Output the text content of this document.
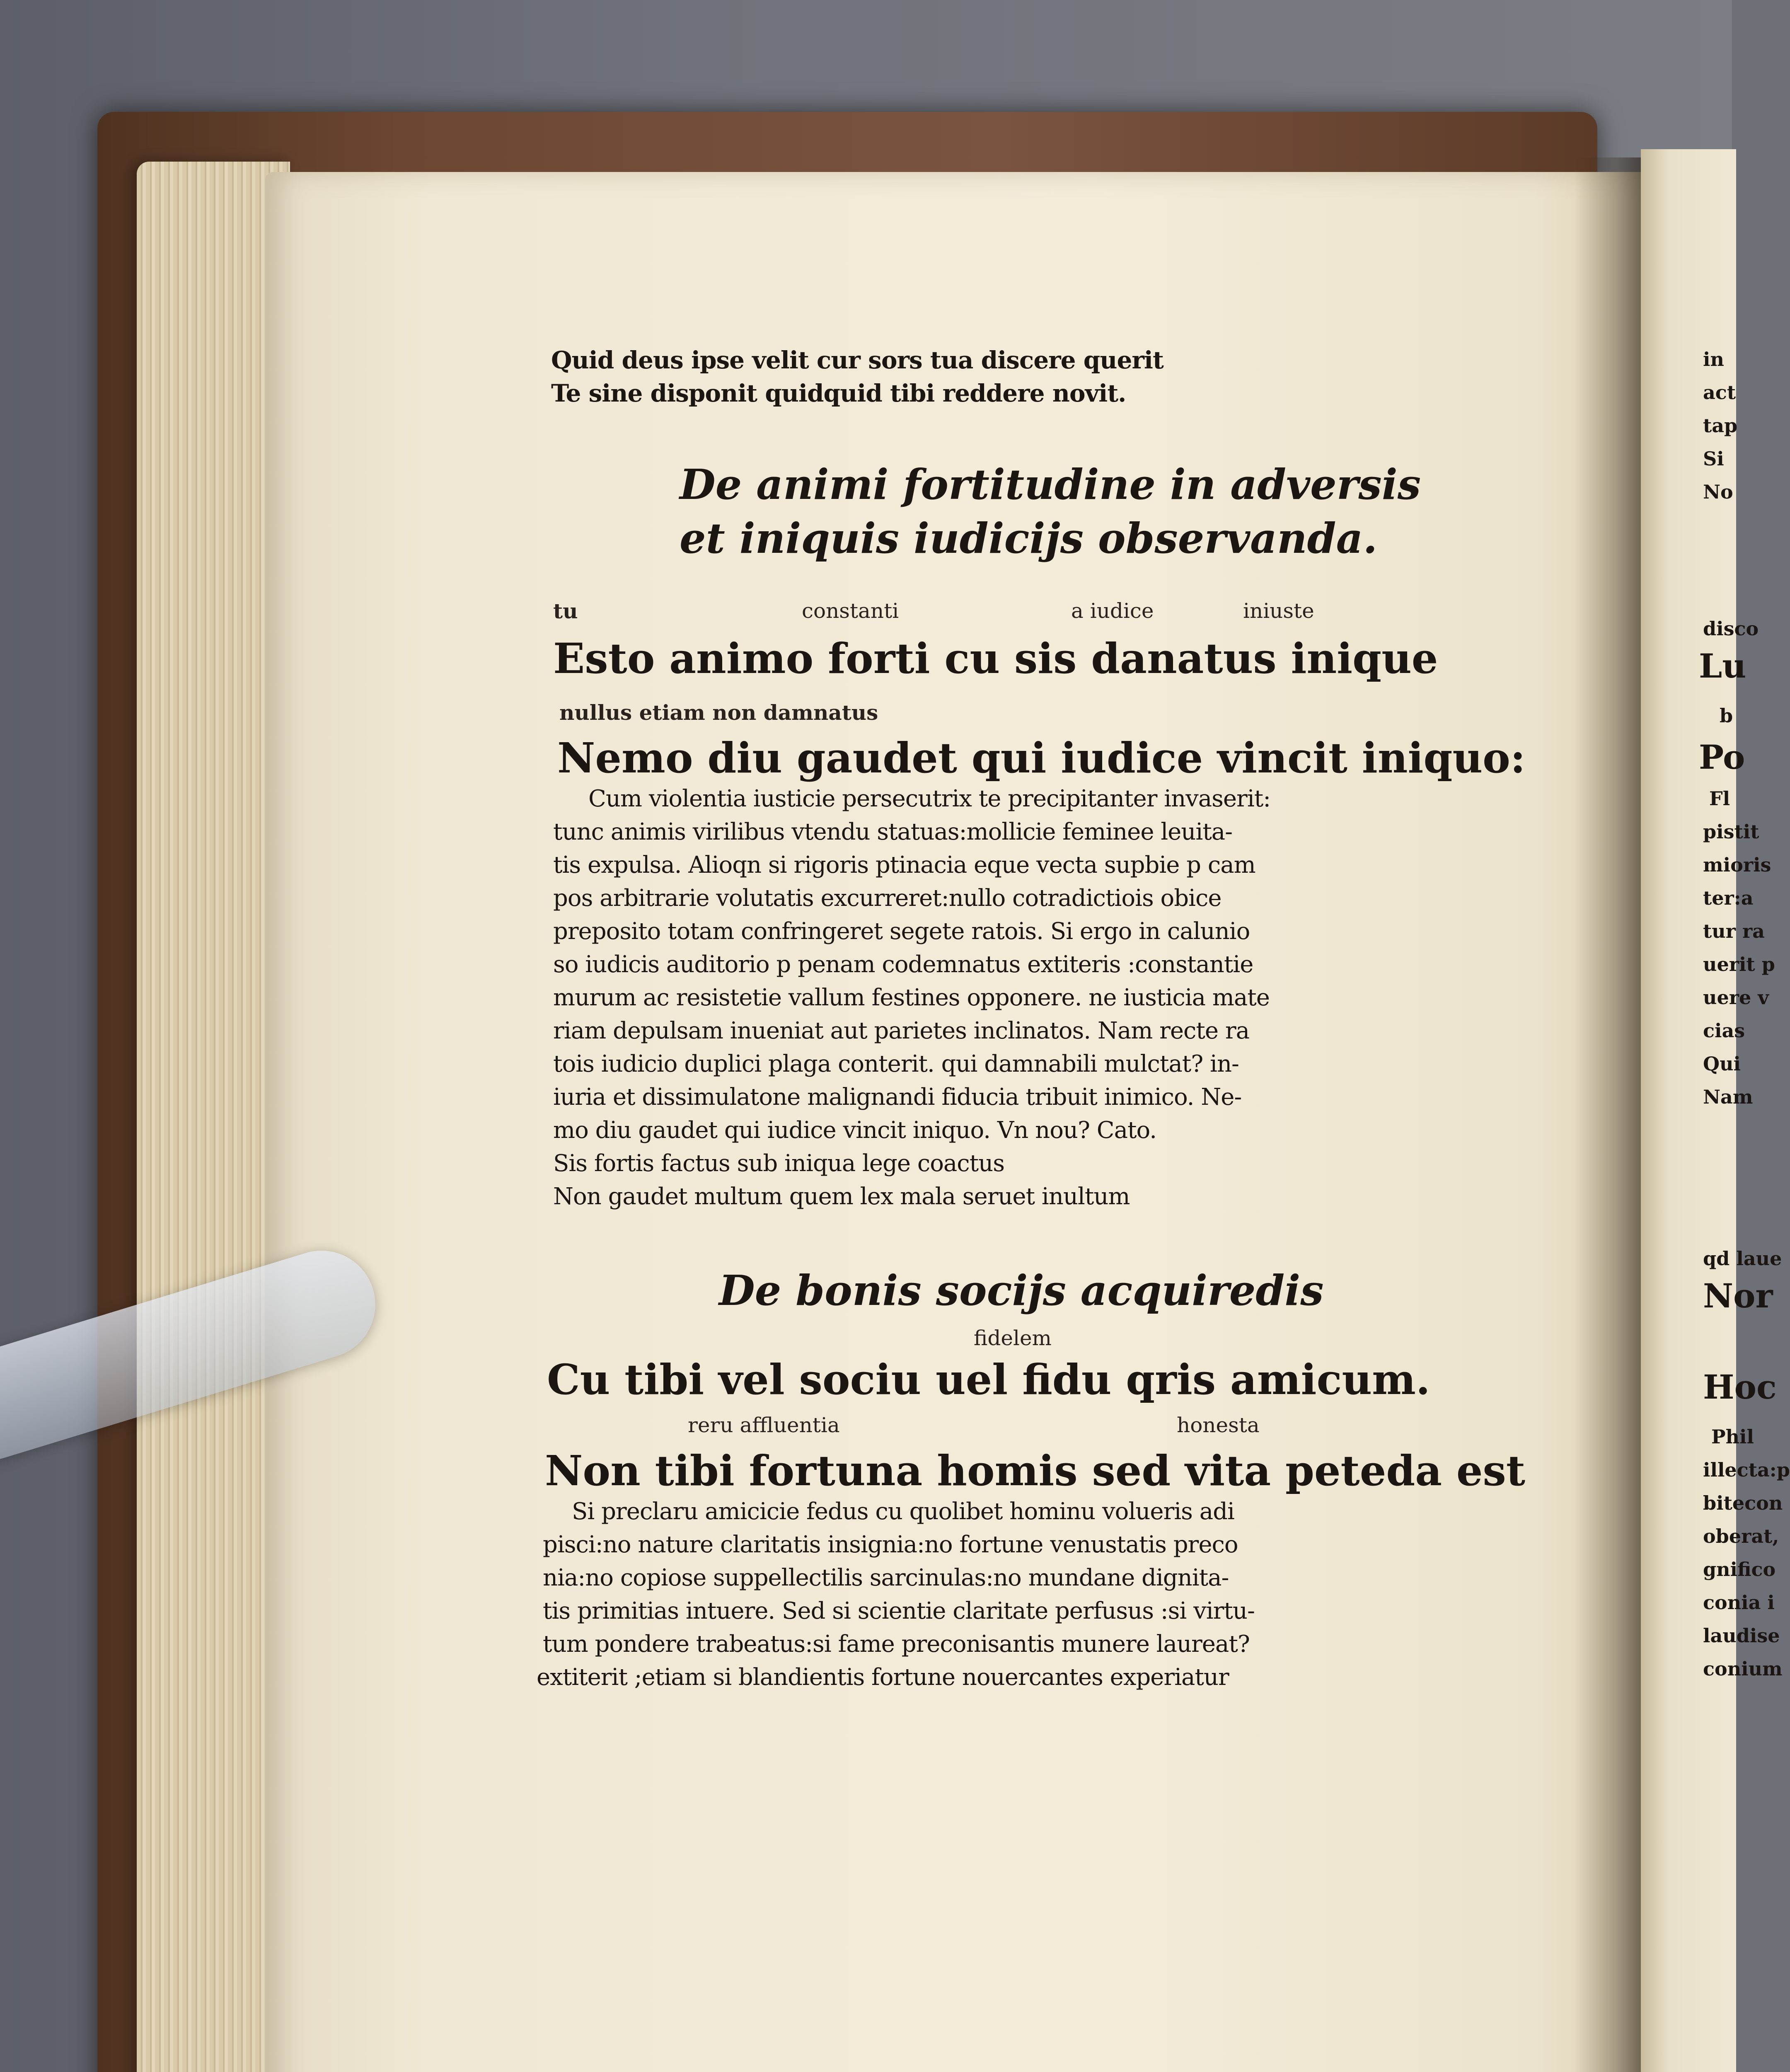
Quid deus ipse velit cur sors tua discere querit
Te sine disponit quidquid tibi reddere novit.
De animi fortitudine in adversis
et iniquis iudicijs observanda.
tu	constanti	a iudice	iniuste
Esto animo forti cu sis danatus inique
nullus etiam non damnatus
Nemo diu gaudet qui iudice vincit iniquo:
Cum violentia iusticie persecutrix te precipitanter invaserit:
tunc animis virilibus vtendu statuas:mollicie feminee leuita-
tis expulsa. Alioqn si rigoris ptinacia eque vecta supbie p cam
pos arbitrarie volutatis excurreret:nullo cotradictiois obice
preposito totam confringeret segete ratois. Si ergo in calunio
so iudicis auditorio p penam codemnatus extiteris :constantie
murum ac resistetie vallum festines opponere. ne iusticia mate
riam depulsam inueniat aut parietes inclinatos. Nam recte ra
tois iudicio duplici plaga conterit. qui damnabili mulctat? in-
iuria et dissimulatone malignandi fiducia tribuit inimico. Ne-
mo diu gaudet qui iudice vincit iniquo. Vn nou? Cato.
Sis fortis factus sub iniqua lege coactus
Non gaudet multum quem lex mala seruet inultum
De bonis socijs acquiredis
fidelem
Cu tibi vel sociu uel fidu qris amicum.
reru affluentia	honesta
Non tibi fortuna homis sed vita peteda est
Si preclaru amicicie fedus cu quolibet hominu volueris adi
pisci:no nature claritatis insignia:no fortune venustatis preco
nia:no copiose suppellectilis sarcinulas:no mundane dignita-
tis primitias intuere. Sed si scientie claritate perfusus :si virtu-
tum pondere trabeatus:si fame preconisantis munere laureat?
extiterit ;etiam si blandientis fortune nouercantes experiatur
in
act
tap
Si
No
disco
Lu
b
Po
Fl
pistit
mioris
ter:a
tur ra
uerit p
uere v
cias
Qui
Nam
qd laue
Nor
Hoc
Phil
illecta:p
bitecon
oberat,
gnifico
conia i
laudise
conium
